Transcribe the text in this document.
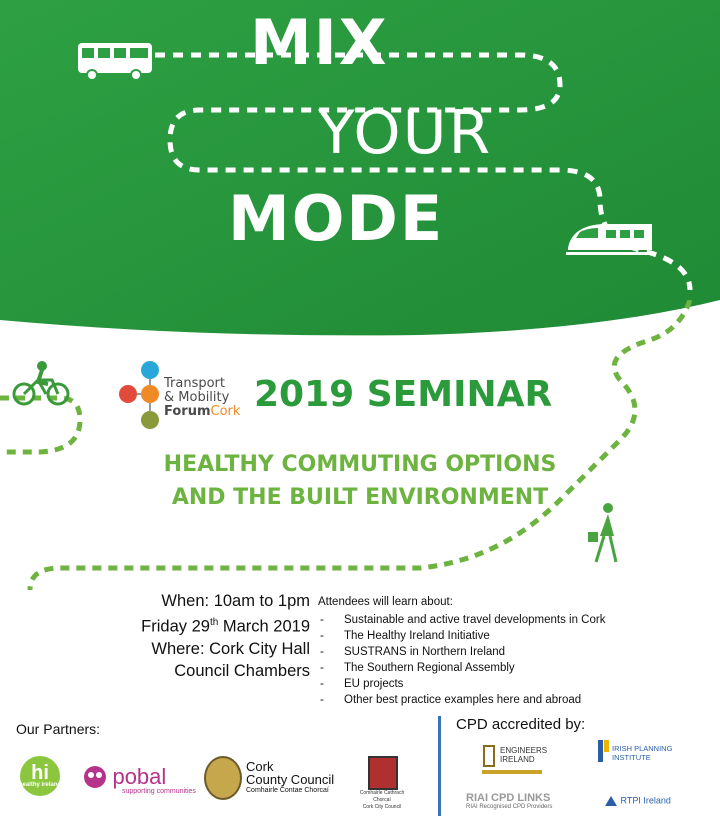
MIX
YOUR
MODE
Transport
& Mobility
ForumCork 2019 SEMINAR
HEALTHY COMMUTING OPTIONS
AND THE BUILT ENVIRONMENT
When: 10am to 1pm
Friday 29th March 2019
Where: Cork City Hall
Council Chambers
Attendees will learn about:
- Sustainable and active travel developments in Cork
- The Healthy Ireland Initiative
- SUSTRANS in Northern Ireland
- The Southern Regional Assembly
- EU projects
- Other best practice examples here and abroad
Our Partners:
hi
healthy ireland	pobal
supporting communities
Cork
County Council
Comhairle Contae Chorcaí	Comhairle Cathrach Chorcaí
Cork City Council
CPD accredited by:
ENGINEERS
IRELAND
IRISH PLANNING
INSTITUTE
RIAI CPD LINKS
RIAI Recognised CPD Providers
RTPI Ireland
